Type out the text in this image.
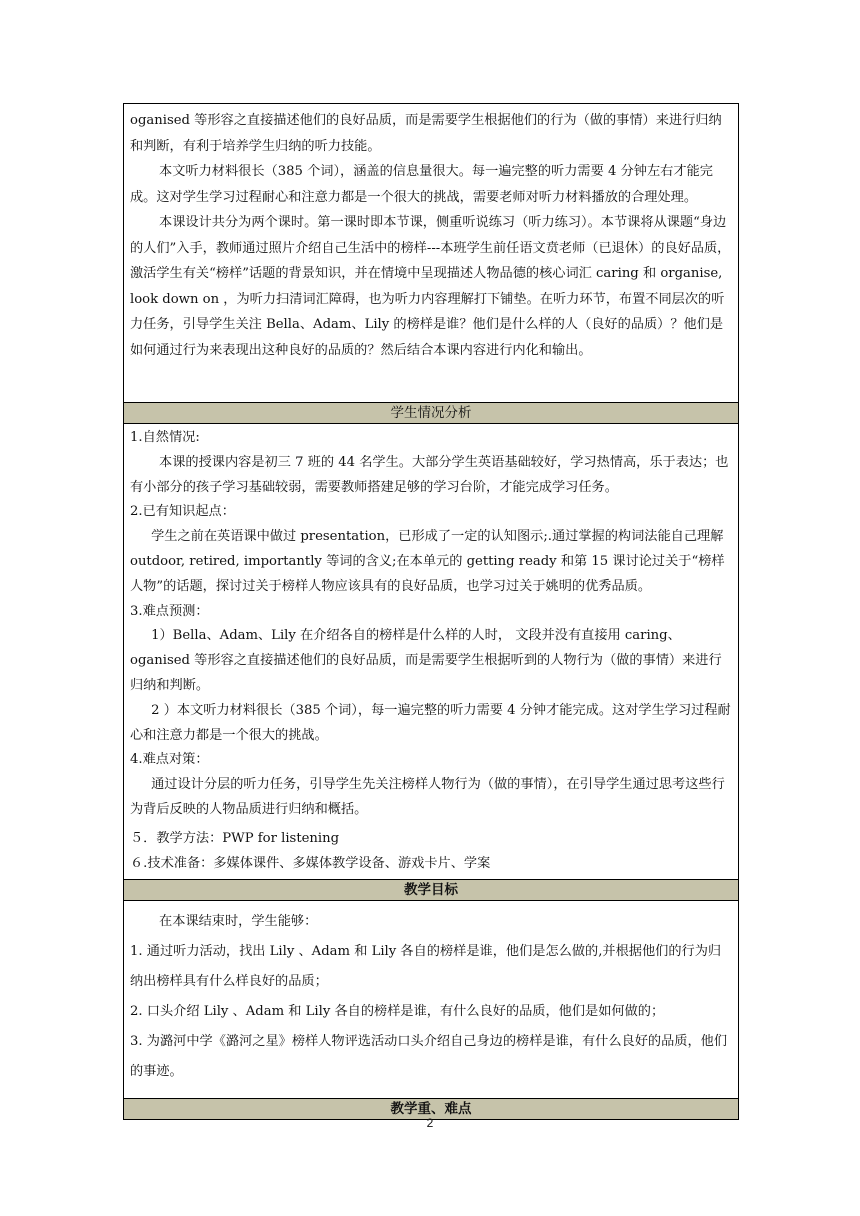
oganised 等形容之直接描述他们的良好品质，而是需要学生根据他们的行为（做的事情）来进行归纳和判断，有利于培养学生归纳的听力技能。

本文听力材料很长（385 个词），涵盖的信息量很大。每一遍完整的听力需要 4 分钟左右才能完成。这对学生学习过程耐心和注意力都是一个很大的挑战，需要老师对听力材料播放的合理处理。

本课设计共分为两个课时。第一课时即本节课，侧重听说练习（听力练习）。本节课将从课题“身边的人们”入手，教师通过照片介绍自己生活中的榜样---本班学生前任语文贲老师（已退休）的良好品质，激活学生有关“榜样”话题的背景知识，并在情境中呈现描述人物品德的核心词汇 caring 和 organise, look down on ，为听力扫清词汇障碍，也为听力内容理解打下铺垫。在听力环节，布置不同层次的听力任务，引导学生关注 Bella、Adam、Lily 的榜样是谁？他们是什么样的人（良好的品质）？他们是如何通过行为来表现出这种良好的品质的？然后结合本课内容进行内化和输出。

学生情况分析

1.自然情况:

本课的授课内容是初三 7 班的 44 名学生。大部分学生英语基础较好，学习热情高，乐于表达；也有小部分的孩子学习基础较弱，需要教师搭建足够的学习台阶，才能完成学习任务。

2.已有知识起点：

学生之前在英语课中做过 presentation，已形成了一定的认知图示;.通过掌握的构词法能自己理解 outdoor, retired, importantly 等词的含义;在本单元的 getting ready 和第 15 课讨论过关于“榜样人物”的话题，探讨过关于榜样人物应该具有的良好品质，也学习过关于姚明的优秀品质。

3.难点预测：

1）Bella、Adam、Lily 在介绍各自的榜样是什么样的人时， 文段并没有直接用 caring、oganised 等形容之直接描述他们的良好品质，而是需要学生根据听到的人物行为（做的事情）来进行归纳和判断。

2 ）本文听力材料很长（385 个词），每一遍完整的听力需要 4 分钟才能完成。这对学生学习过程耐心和注意力都是一个很大的挑战。

4.难点对策：

通过设计分层的听力任务，引导学生先关注榜样人物行为（做的事情），在引导学生通过思考这些行为背后反映的人物品质进行归纳和概括。

５．教学方法：PWP for listening

６.技术准备：多媒体课件、多媒体教学设备、游戏卡片、学案

教学目标

在本课结束时，学生能够：

1. 通过听力活动，找出 Lily 、Adam 和 Lily 各自的榜样是谁，他们是怎么做的,并根据他们的行为归纳出榜样具有什么样良好的品质；

2. 口头介绍 Lily 、Adam 和 Lily 各自的榜样是谁，有什么良好的品质，他们是如何做的；

3. 为潞河中学《潞河之星》榜样人物评选活动口头介绍自己身边的榜样是谁，有什么良好的品质，他们的事迹。

教学重、难点
2
